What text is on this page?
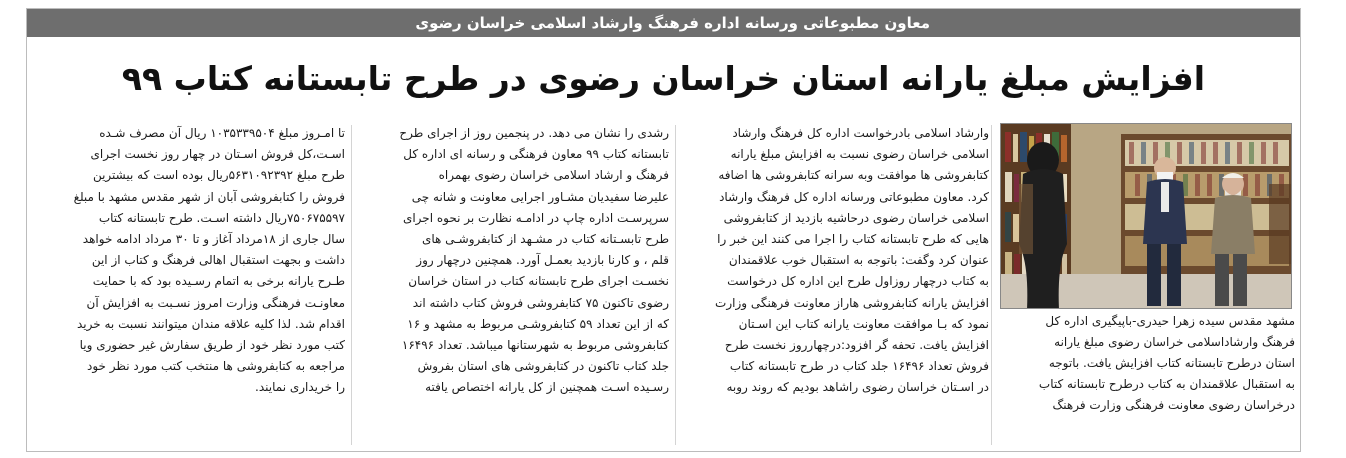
معاون مطبوعاتی ورسانه اداره فرهنگ وارشاد اسلامی خراسان رضوی
افزایش مبلغ یارانه استان خراسان رضوی در طرح تابستانه کتاب ۹۹
مشهد مقدس سیده زهرا حیدری-باپیگیری اداره کل
فرهنگ وارشاداسلامی خراسان رضوی مبلغ یارانه
استان درطرح تابستانه کتاب افزایش یافت. باتوجه
به استقبال علاقمندان به کتاب درطرح تابستانه کتاب
درخراسان رضوی معاونت فرهنگی وزارت فرهنگ
وارشاد اسلامی بادرخواست اداره کل فرهنگ وارشاد
اسلامی خراسان رضوی نسبت به افزایش مبلغ یارانه
کتابفروشی ها موافقت وبه سرانه کتابفروشی ها اضافه
کرد. معاون مطبوعاتی ورسانه اداره کل فرهنگ وارشاد
اسلامی خراسان رضوی درحاشیه بازدید از کتابفروشی
هایی که طرح تابستانه کتاب را اجرا می کنند این خبر را
عنوان کرد وگفت: باتوجه به استقبال خوب علاقمندان
به کتاب درچهار روزاول طرح این اداره کل درخواست
افزایش یارانه کتابفروشی هاراز معاونت فرهنگی وزارت
نمود که بـا موافقت معاونت یارانه کتاب این اسـتان
افزایش یافت. تحفه گر افزود:درچهارروز نخست طرح
فروش تعداد ۱۶۴۹۶ جلد کتاب در طرح تابستانه کتاب
در اسـتان خراسان رضوی راشاهد بودیم که روند روبه
رشدی را نشان می دهد. در پنجمین روز از اجرای طرح
تابستانه کتاب ۹۹ معاون فرهنگی و رسانه ای اداره کل
فرهنگ و ارشاد اسلامی خراسان رضوی بهمراه
علیرضا سفیدیان مشـاور اجرایی معاونت و شانه چی
سرپرسـت اداره چاپ در ادامـه نظارت بر نحوه اجرای
طرح تابسـتانه کتاب در مشـهد از کتابفروشـی های
قلم ، و کارنا بازدید بعمـل آورد. همچنین درچهار روز
نخسـت اجرای طرح تابستانه کتاب در استان خراسان
رضوی تاکنون ۷۵ کتابفروشی فروش کتاب داشته اند
که از این تعداد ۵۹ کتابفروشـی مربوط به مشهد و ۱۶
کتابفروشی مربوط به شهرستانها میباشد. تعداد ۱۶۴۹۶
جلد کتاب تاکنون در کتابفروشی های استان بفروش
رسـیده اسـت همچنین از کل یارانه اختصاص یافته
تا امـروز مبلغ ۱۰۳۵۳۳۹۵۰۴ ریال آن مصرف شـده
اسـت،کل فروش اسـتان در چهار روز نخست اجرای
طرح مبلغ ۵۶۳۱۰۹۲۳۹۲ریال بوده است که بیشترین
فروش را کتابفروشی آبان از شهر مقدس مشهد با مبلغ
۷۵۰۶۷۵۵۹۷ریال داشته اسـت. طرح تابستانه کتاب
سال جاری از ۱۸مرداد آغاز و تا ۳۰ مرداد ادامه خواهد
داشت و بجهت استقبال اهالی فرهنگ و کتاب از این
طـرح یارانه برخی به اتمام رسـیده بود که با حمایت
معاونـت فرهنگی وزارت امروز نسـبت به افزایش آن
اقدام شد. لذا کلیه علاقه مندان میتوانند نسبت به خرید
کتب مورد نظر خود از طریق سفارش غیر حضوری ویا
مراجعه به کتابفروشی ها منتخب کتب مورد نظر خود
را خریداری نمایند.
